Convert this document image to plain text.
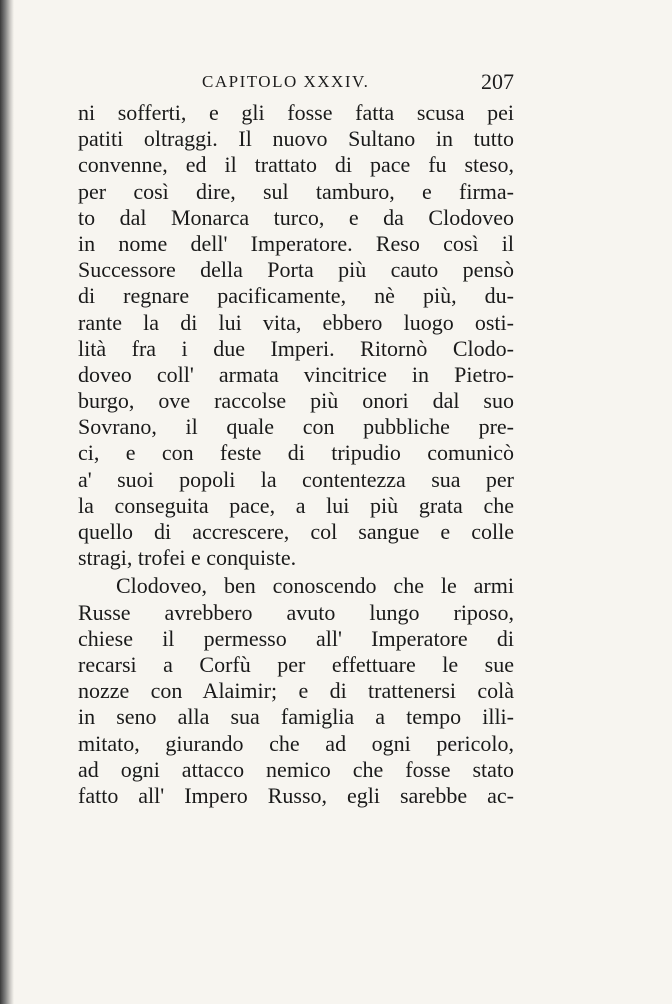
CAPITOLO XXXIV.	207
ni sofferti, e gli fosse fatta scusa pei
patiti oltraggi. Il nuovo Sultano in tutto
convenne, ed il trattato di pace fu steso,
per così dire, sul tamburo, e firma-
to dal Monarca turco, e da Clodoveo
in nome dell' Imperatore. Reso così il
Successore della Porta più cauto pensò
di regnare pacificamente, nè più, du-
rante la di lui vita, ebbero luogo osti-
lità fra i due Imperi. Ritornò Clodo-
doveo coll' armata vincitrice in Pietro-
burgo, ove raccolse più onori dal suo
Sovrano, il quale con pubbliche pre-
ci, e con feste di tripudio comunicò
a' suoi popoli la contentezza sua per
la conseguita pace, a lui più grata che
quello di accrescere, col sangue e colle
stragi, trofei e conquiste.
Clodoveo, ben conoscendo che le armi
Russe avrebbero avuto lungo riposo,
chiese il permesso all' Imperatore di
recarsi a Corfù per effettuare le sue
nozze con Alaimir; e di trattenersi colà
in seno alla sua famiglia a tempo illi-
mitato, giurando che ad ogni pericolo,
ad ogni attacco nemico che fosse stato
fatto all' Impero Russo, egli sarebbe ac-
